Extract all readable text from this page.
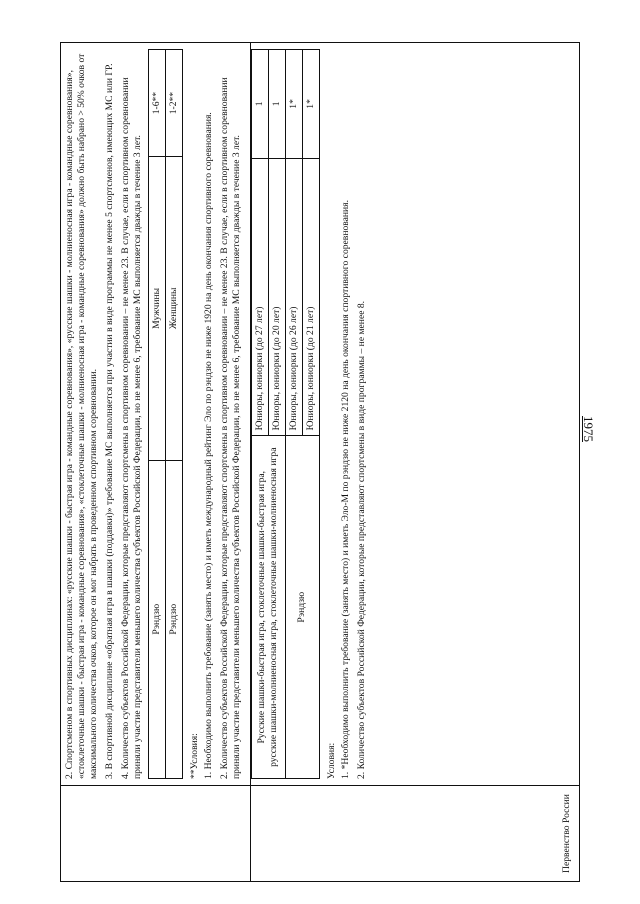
1975

2. Спортсменом в спортивных дисциплинах: «русские шашки - быстрая игра - командные соревнования», «русские шашки - молниеносная игра - командные соревнования», «стоклеточные шашки - быстрая игра - командные соревнования», «стоклеточные шашки - молниеносная игра - командные соревнования» должно быть набрано > 50% очков от максимального количества очков, которое он мог набрать в проведенном спортивном соревновании. 3. В спортивной дисциплине «обратная игра в шашки (поддавки)» требование МС выполняется при участии в виде программы не менее 5 спортсменов, имеющих МС или ГР. 4. Количество субъектов Российской Федерации, которые представляют спортсмены в спортивном соревновании – не менее 23. В случае, если в спортивном соревновании приняли участие представители меньшего количества субъектов Российской Федерации, но не менее 6, требование МС выполняется дважды в течение 3 лет. Рэндзю	Мужчины	1-6**
Рэндзю	Женщины	1-2**

**Условия: 1. Необходимо выполнить требование (занять место) и иметь международный рейтинг Эло по рэндзю не ниже 1920 на день окончания спортивного соревнования. 2. Количество субъектов Российской Федерации, которые представляют спортсмены в спортивном соревновании – не менее 23. В случае, если в спортивном соревновании приняли участие представители меньшего количества субъектов Российской Федерации, но не менее 6, требование МС выполняется дважды в течение 3 лет.

Первенство России
Русские шашки-быстрая игра, стоклеточные шашки-быстрая игра,
русские шашки-молниеносная игра, стоклеточные шашки-молниеносная игра	Юниоры, юниорки (до 27 лет)	1
	Юниоры, юниорки (до 20 лет)	1
Рэндзю	Юниоры, юниорки (до 26 лет)	1*
	Юниоры, юниорки (до 21 лет)	1*

Условия: 1. *Необходимо выполнить требование (занять место) и иметь Эло-М по рэндзю не ниже 2120 на день окончания спортивного соревнования. 2. Количество субъектов Российской Федерации, которые представляют спортсмены в виде программы – не менее 8.
